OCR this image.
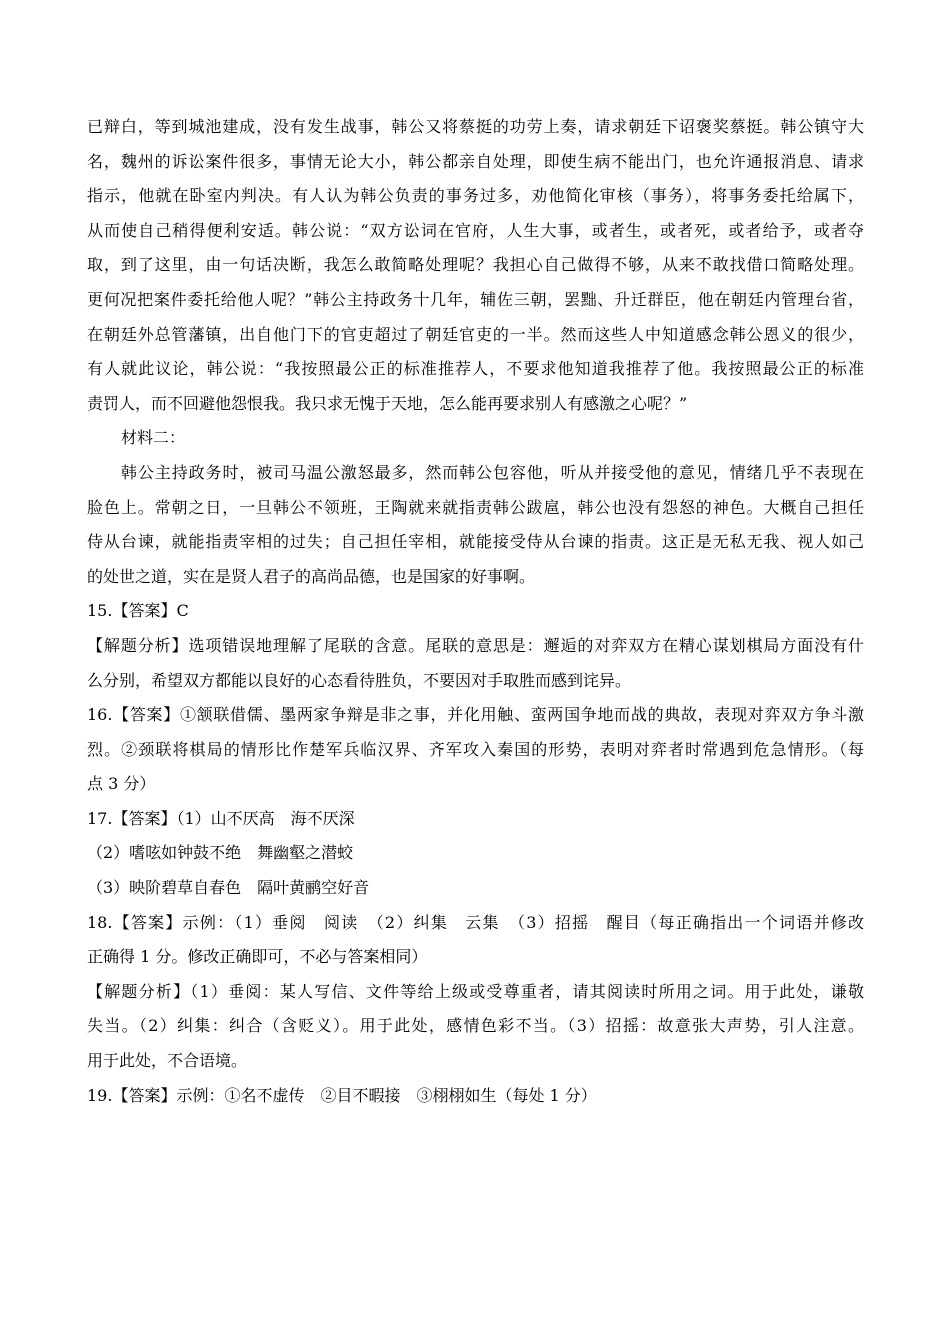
已辩白，等到城池建成，没有发生战事，韩公又将蔡挺的功劳上奏，请求朝廷下诏褒奖蔡挺。韩公镇守大
名，魏州的诉讼案件很多，事情无论大小，韩公都亲自处理，即使生病不能出门，也允许通报消息、请求
指示，他就在卧室内判决。有人认为韩公负责的事务过多，劝他简化审核（事务），将事务委托给属下，
从而使自己稍得便利安适。韩公说：“双方讼词在官府，人生大事，或者生，或者死，或者给予，或者夺
取，到了这里，由一句话决断，我怎么敢简略处理呢？我担心自己做得不够，从来不敢找借口简略处理。
更何况把案件委托给他人呢？”韩公主持政务十几年，辅佐三朝，罢黜、升迁群臣，他在朝廷内管理台省，
在朝廷外总管藩镇，出自他门下的官吏超过了朝廷官吏的一半。然而这些人中知道感念韩公恩义的很少，
有人就此议论，韩公说：“我按照最公正的标准推荐人，不要求他知道我推荐了他。我按照最公正的标准
责罚人，而不回避他怨恨我。我只求无愧于天地，怎么能再要求别人有感激之心呢？”
材料二：
韩公主持政务时，被司马温公激怒最多，然而韩公包容他，听从并接受他的意见，情绪几乎不表现在
脸色上。常朝之日，一旦韩公不领班，王陶就来就指责韩公跋扈，韩公也没有怨怒的神色。大概自己担任
侍从台谏，就能指责宰相的过失；自己担任宰相，就能接受侍从台谏的指责。这正是无私无我、视人如己
的处世之道，实在是贤人君子的高尚品德，也是国家的好事啊。
15.【答案】C
【解题分析】选项错误地理解了尾联的含意。尾联的意思是：邂逅的对弈双方在精心谋划棋局方面没有什
么分别，希望双方都能以良好的心态看待胜负，不要因对手取胜而感到诧异。
16.【答案】①颔联借儒、墨两家争辩是非之事，并化用触、蛮两国争地而战的典故，表现对弈双方争斗激
烈。②颈联将棋局的情形比作楚军兵临汉界、齐军攻入秦国的形势，表明对弈者时常遇到危急情形。（每
点 3 分）
17.【答案】（1）山不厌高　海不厌深
（2）嗜呟如钟鼓不绝　舞幽壑之潜蛟
（3）映阶碧草自春色　隔叶黄鹂空好音
18.【答案】示例：（1）垂阅　阅读　（2）纠集　云集　（3）招摇　醒目（每正确指出一个词语并修改
正确得 1 分。修改正确即可，不必与答案相同）
【解题分析】（1）垂阅：某人写信、文件等给上级或受尊重者，请其阅读时所用之词。用于此处，谦敬
失当。（2）纠集：纠合（含贬义）。用于此处，感情色彩不当。（3）招摇：故意张大声势，引人注意。
用于此处，不合语境。
19.【答案】示例：①名不虚传　②目不暇接　③栩栩如生（每处 1 分）
